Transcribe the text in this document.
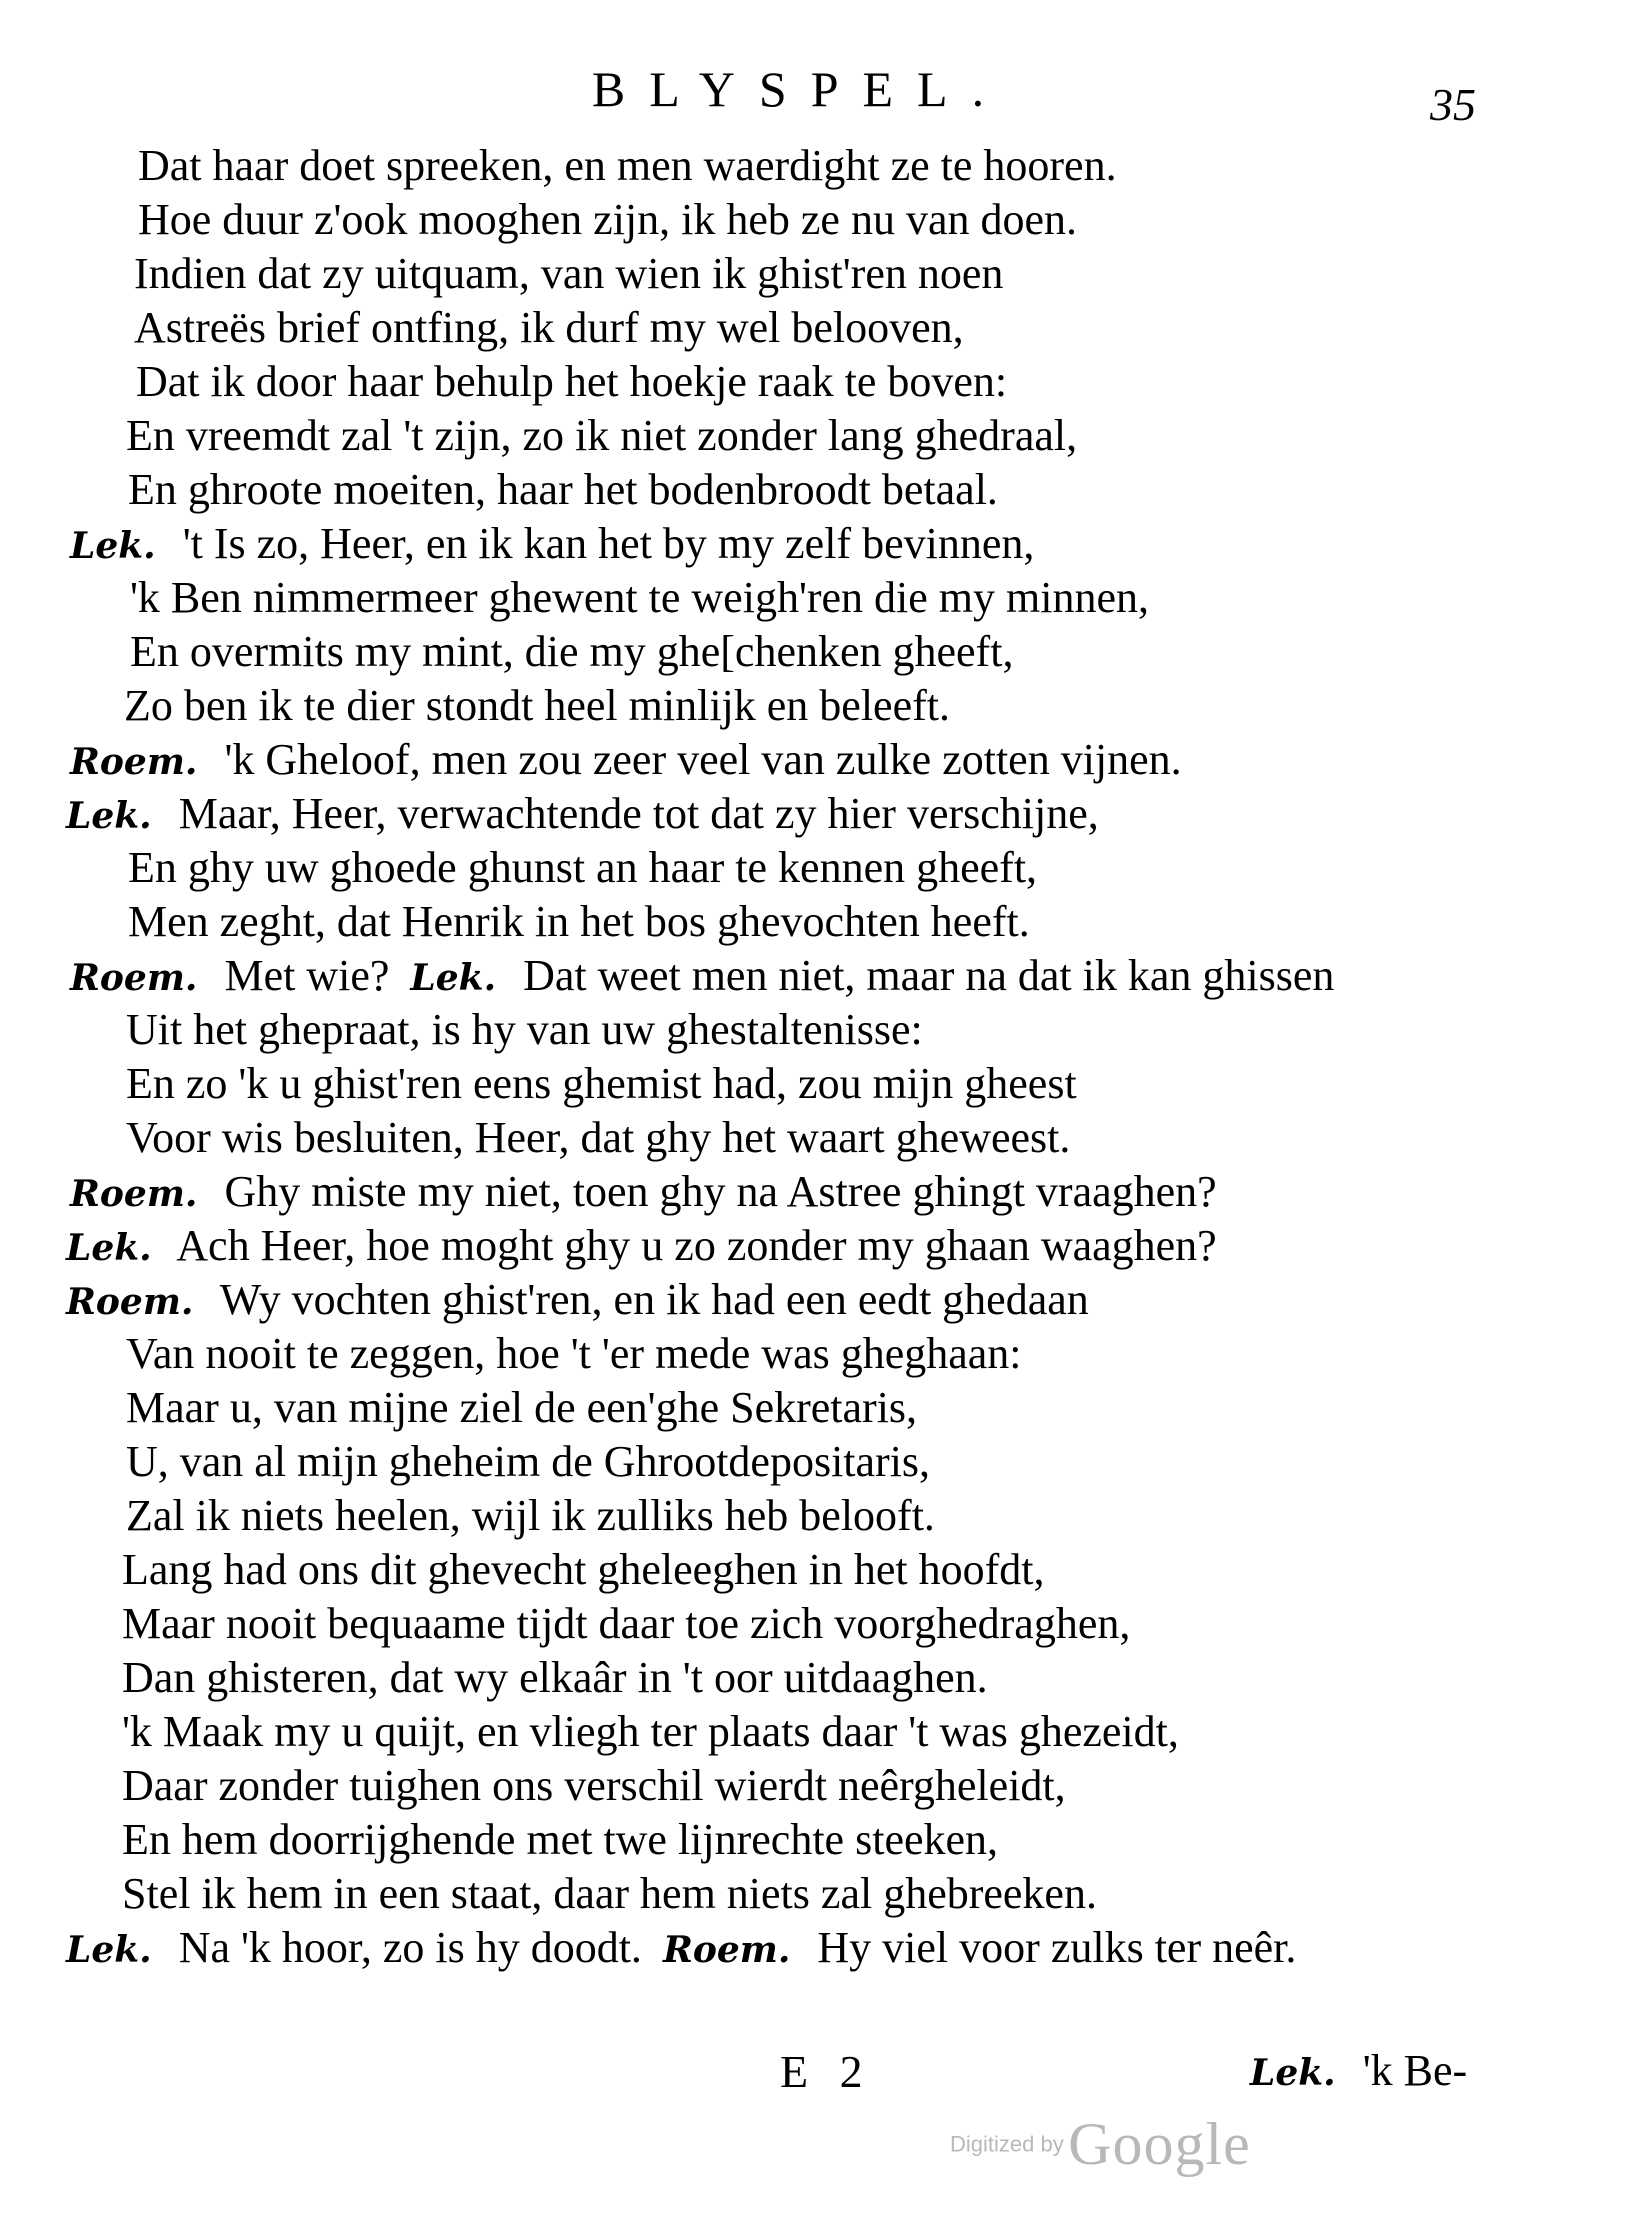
BLYSPEL.	35
Dat haar doet spreeken, en men waerdight ze te hooren.
Hoe duur z'ook mooghen zijn, ik heb ze nu van doen.
Indien dat zy uitquam, van wien ik ghist'ren noen
Astreës brief ontfing, ik durf my wel belooven,
Dat ik door haar behulp het hoekje raak te boven:
En vreemdt zal 't zijn, zo ik niet zonder lang ghedraal,
En ghroote moeiten, haar het bodenbroodt betaal.
Lek. 't Is zo, Heer, en ik kan het by my zelf bevinnen,
'k Ben nimmermeer ghewent te weigh'ren die my minnen,
En overmits my mint, die my ghe[chenken gheeft,
Zo ben ik te dier stondt heel minlijk en beleeft.
Roem. 'k Gheloof, men zou zeer veel van zulke zotten vijnen.
Lek. Maar, Heer, verwachtende tot dat zy hier verschijne,
En ghy uw ghoede ghunst an haar te kennen gheeft,
Men zeght, dat Henrik in het bos ghevochten heeft.
Roem. Met wie? Lek. Dat weet men niet, maar na dat ik kan ghissen
Uit het ghepraat, is hy van uw ghestaltenisse:
En zo 'k u ghist'ren eens ghemist had, zou mijn gheest
Voor wis besluiten, Heer, dat ghy het waart gheweest.
Roem. Ghy miste my niet, toen ghy na Astree ghingt vraaghen?
Lek. Ach Heer, hoe moght ghy u zo zonder my ghaan waaghen?
Roem. Wy vochten ghist'ren, en ik had een eedt ghedaan
Van nooit te zeggen, hoe 't 'er mede was gheghaan:
Maar u, van mijne ziel de een'ghe Sekretaris,
U, van al mijn gheheim de Ghrootdepositaris,
Zal ik niets heelen, wijl ik zulliks heb belooft.
Lang had ons dit ghevecht gheleeghen in het hoofdt,
Maar nooit bequaame tijdt daar toe zich voorghedraghen,
Dan ghisteren, dat wy elkaâr in 't oor uitdaaghen.
'k Maak my u quijt, en vliegh ter plaats daar 't was ghezeidt,
Daar zonder tuighen ons verschil wierdt neêrgheleidt,
En hem doorrijghende met twe lijnrechte steeken,
Stel ik hem in een staat, daar hem niets zal ghebreeken.
Lek. Na 'k hoor, zo is hy doodt. Roem. Hy viel voor zulks ter neêr.
E 2	Lek. 'k Be-
Digitized by Google
